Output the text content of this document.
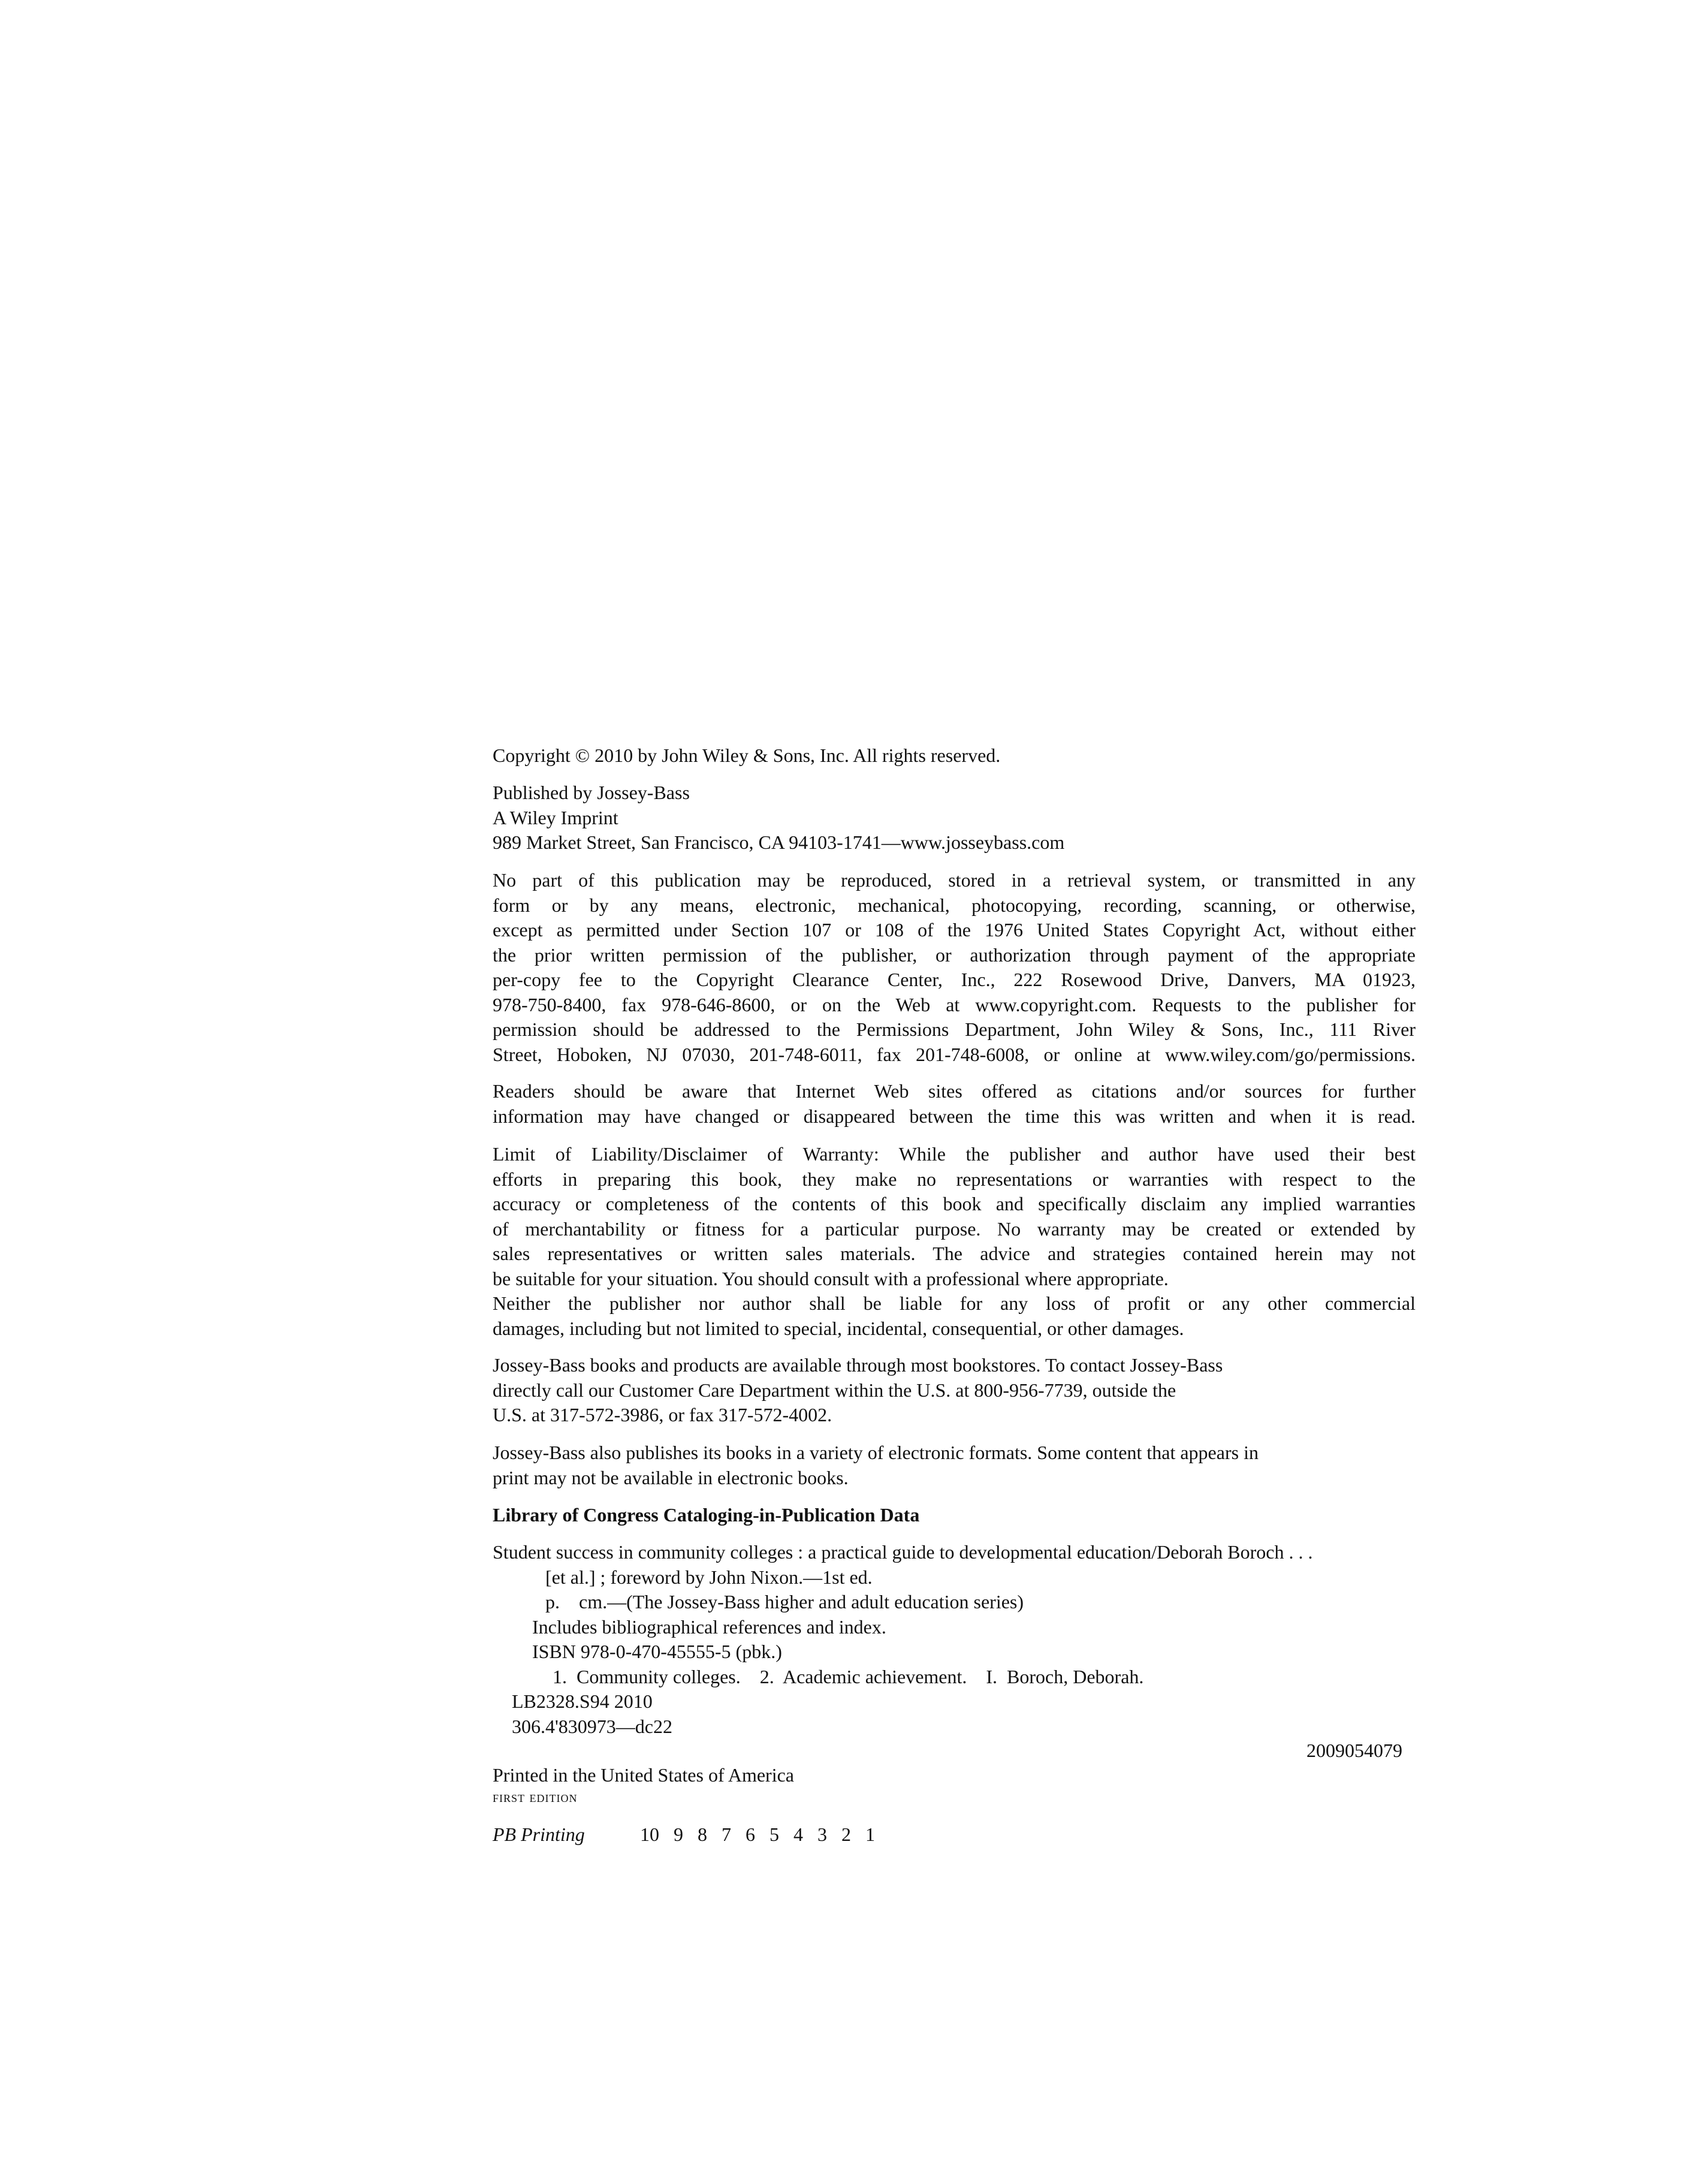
Copyright © 2010 by John Wiley & Sons, Inc. All rights reserved.
Published by Jossey-Bass
A Wiley Imprint
989 Market Street, San Francisco, CA 94103-1741—www.josseybass.com
No part of this publication may be reproduced, stored in a retrieval system, or transmitted in any
form or by any means, electronic, mechanical, photocopying, recording, scanning, or otherwise,
except as permitted under Section 107 or 108 of the 1976 United States Copyright Act, without either
the prior written permission of the publisher, or authorization through payment of the appropriate
per-copy fee to the Copyright Clearance Center, Inc., 222 Rosewood Drive, Danvers, MA 01923,
978-750-8400, fax 978-646-8600, or on the Web at www.copyright.com. Requests to the publisher for
permission should be addressed to the Permissions Department, John Wiley & Sons, Inc., 111 River
Street, Hoboken, NJ 07030, 201-748-6011, fax 201-748-6008, or online at www.wiley.com/go/permissions.
Readers should be aware that Internet Web sites offered as citations and/or sources for further
information may have changed or disappeared between the time this was written and when it is read.
Limit of Liability/Disclaimer of Warranty: While the publisher and author have used their best
efforts in preparing this book, they make no representations or warranties with respect to the
accuracy or completeness of the contents of this book and specifically disclaim any implied warranties
of merchantability or fitness for a particular purpose. No warranty may be created or extended by
sales representatives or written sales materials. The advice and strategies contained herein may not
be suitable for your situation. You should consult with a professional where appropriate.
Neither the publisher nor author shall be liable for any loss of profit or any other commercial
damages, including but not limited to special, incidental, consequential, or other damages.
Jossey-Bass books and products are available through most bookstores. To contact Jossey-Bass
directly call our Customer Care Department within the U.S. at 800-956-7739, outside the
U.S. at 317-572-3986, or fax 317-572-4002.
Jossey-Bass also publishes its books in a variety of electronic formats. Some content that appears in
print may not be available in electronic books.
Library of Congress Cataloging-in-Publication Data
Student success in community colleges : a practical guide to developmental education/Deborah Boroch . . .
[et al.] ; foreword by John Nixon.—1st ed.
p.    cm.—(The Jossey-Bass higher and adult education series)
Includes bibliographical references and index.
ISBN 978-0-470-45555-5 (pbk.)
1.  Community colleges.    2.  Academic achievement.    I.  Boroch, Deborah.
LB2328.S94 2010
306.4'830973—dc22
2009054079
Printed in the United States of America
first edition
PB Printing	10 9 8 7 6 5 4 3 2 1
